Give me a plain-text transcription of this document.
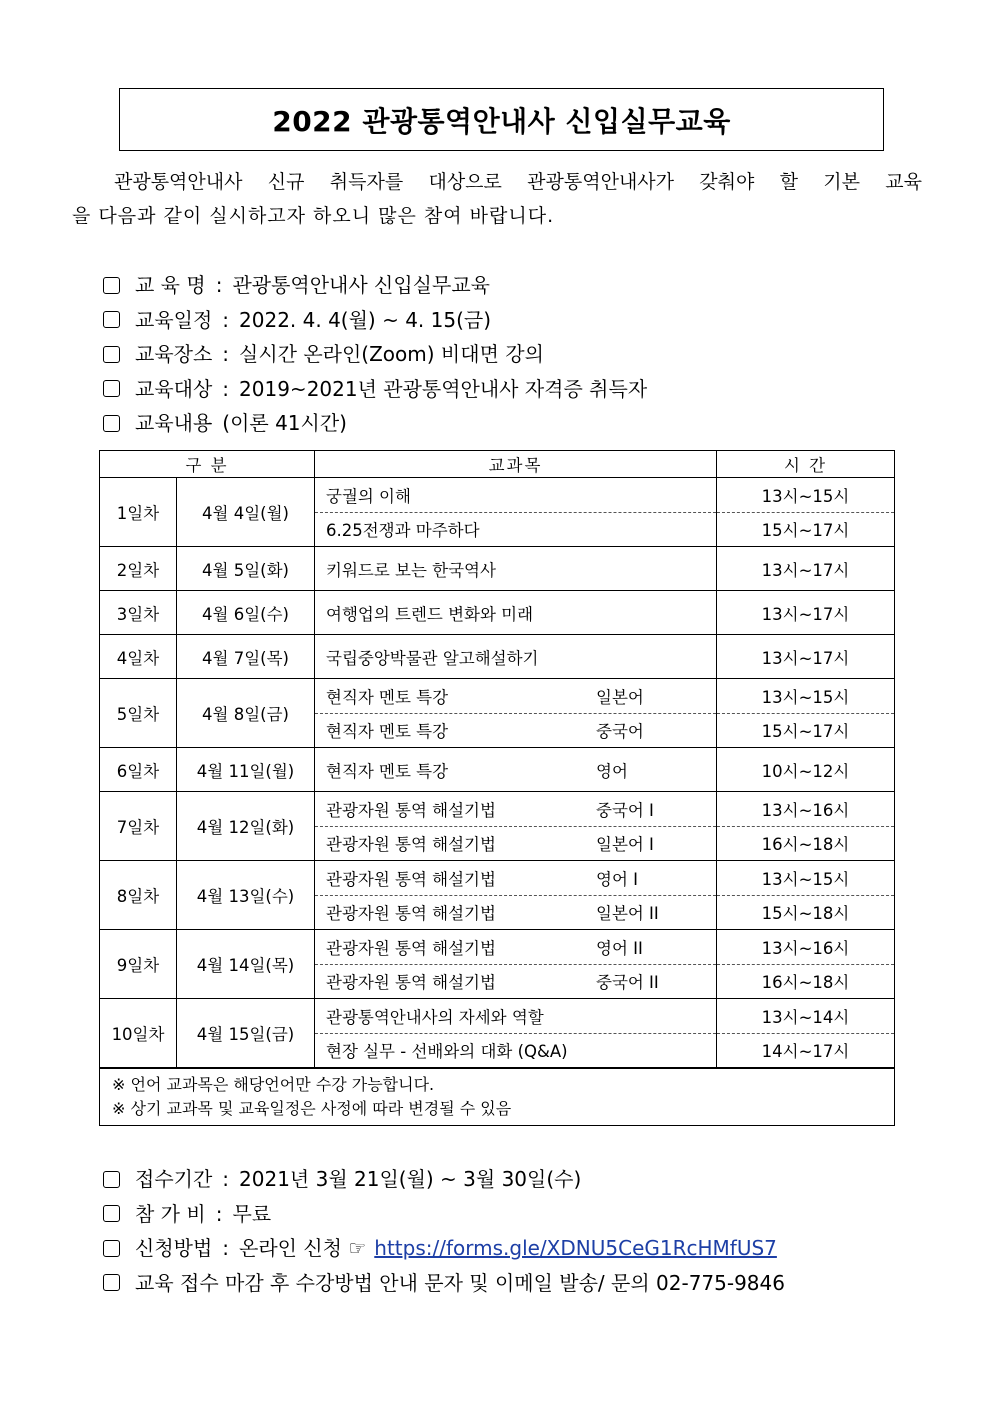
2022 관광통역안내사 신입실무교육
관광통역안내사 신규 취득자를 대상으로 관광통역안내사가 갖춰야 할 기본 교육
을 다음과 같이 실시하고자 하오니 많은 참여 바랍니다.
교 육 명 : 관광통역안내사 신입실무교육
교육일정 : 2022. 4. 4(월) ~ 4. 15(금)
교육장소 : 실시간 온라인(Zoom) 비대면 강의
교육대상 : 2019~2021년 관광통역안내사 자격증 취득자
교육내용 (이론 41시간)
구 분		교과목	시 간
1일차	4월 4일(월)	궁궐의 이해	13시~15시

		6.25전쟁과 마주하다	15시~17시
2일차	4월 5일(화)	키워드로 보는 한국역사	13시~17시
3일차	4월 6일(수)	여행업의 트렌드 변화와 미래	13시~17시
4일차	4월 7일(목)	국립중앙박물관 알고해설하기	13시~17시
5일차	4월 8일(금)	현직자 멘토 특강 일본어	13시~15시

		현직자 멘토 특강 중국어	15시~17시
6일차	4월 11일(월)	현직자 멘토 특강 영어	10시~12시
7일차	4월 12일(화)	관광자원 통역 해설기법 중국어 I	13시~16시

		관광자원 통역 해설기법 일본어 I	16시~18시
8일차	4월 13일(수)	관광자원 통역 해설기법 영어 I	13시~15시

		관광자원 통역 해설기법 일본어 II	15시~18시
9일차	4월 14일(목)	관광자원 통역 해설기법 영어 II	13시~16시

		관광자원 통역 해설기법 중국어 II	16시~18시
10일차	4월 15일(금)	관광통역안내사의 자세와 역할	13시~14시

		현장 실무 - 선배와의 대화 (Q&A)	14시~17시

※ 언어 교과목은 해당언어만 수강 가능합니다.
※ 상기 교과목 및 교육일정은 사정에 따라 변경될 수 있음			
접수기간 : 2021년 3월 21일(월) ~ 3월 30일(수)
참 가 비 : 무료
신청방법 : 온라인 신청 ☞ https://forms.gle/XDNU5CeG1RcHMfUS7
교육 접수 마감 후 수강방법 안내 문자 및 이메일 발송/ 문의 02-775-9846
